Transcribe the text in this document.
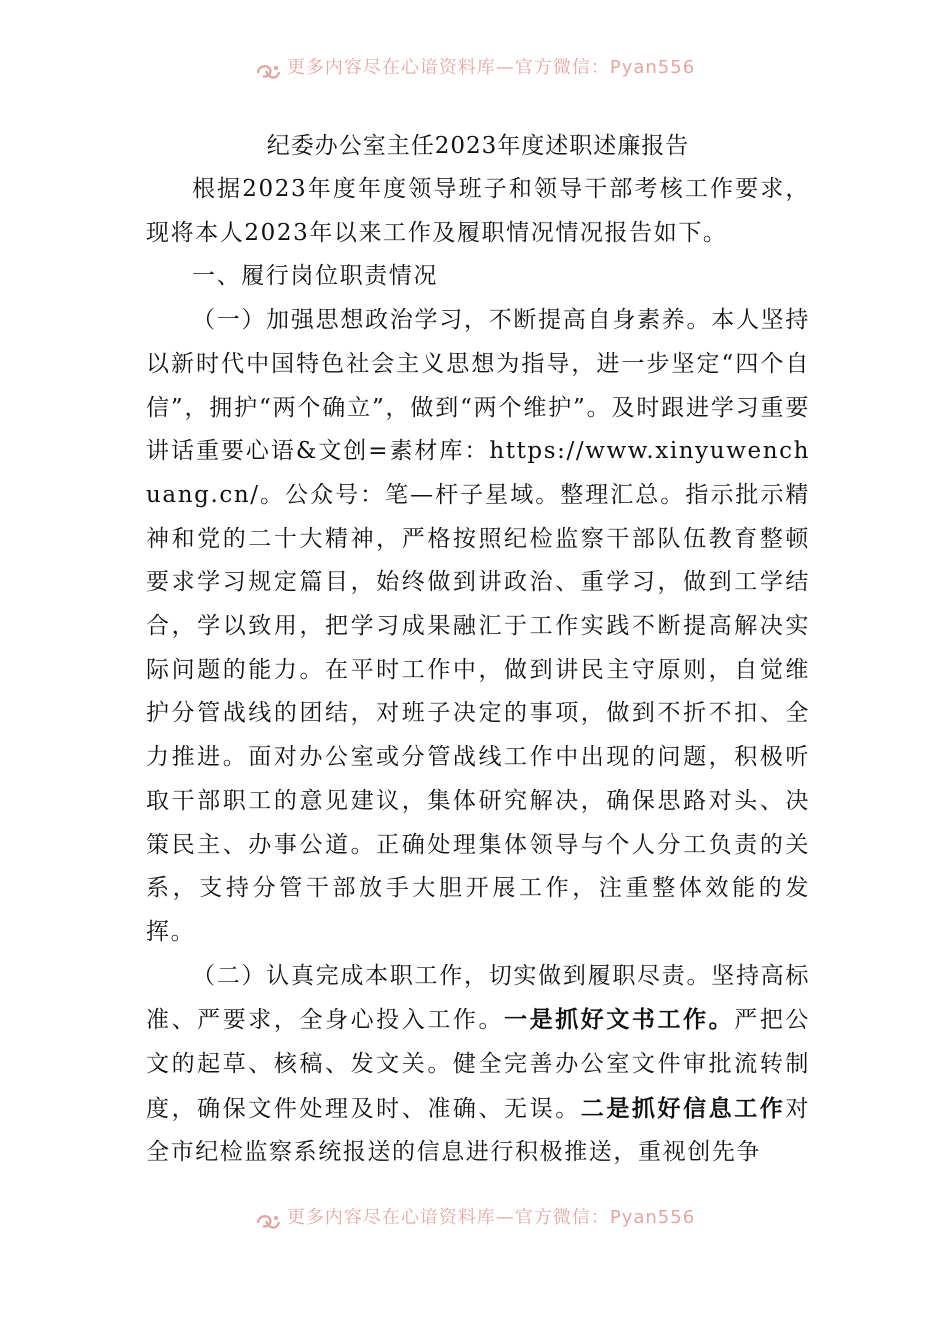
更多内容尽在心谙资料库—官方微信：Pyan556
纪委办公室主任2023年度述职述廉报告

根据2023年度年度领导班子和领导干部考核工作要求，现将本人2023年以来工作及履职情况情况报告如下。

一、履行岗位职责情况

（一）加强思想政治学习，不断提高自身素养。本人坚持以新时代中国特色社会主义思想为指导，进一步坚定“四个自信”，拥护“两个确立”，做到“两个维护”。及时跟进学习重要讲话重要心语&文创=素材库：https://www.xinyuwenchuang.cn/。公众号：笔—杆子星域。整理汇总。指示批示精神和党的二十大精神，严格按照纪检监察干部队伍教育整顿要求学习规定篇目，始终做到讲政治、重学习，做到工学结合，学以致用，把学习成果融汇于工作实践不断提高解决实际问题的能力。在平时工作中，做到讲民主守原则，自觉维护分管战线的团结，对班子决定的事项，做到不折不扣、全力推进。面对办公室或分管战线工作中出现的问题，积极听取干部职工的意见建议，集体研究解决，确保思路对头、决策民主、办事公道。正确处理集体领导与个人分工负责的关系，支持分管干部放手大胆开展工作，注重整体效能的发挥。

（二）认真完成本职工作，切实做到履职尽责。坚持高标准、严要求，全身心投入工作。一是抓好文书工作。严把公文的起草、核稿、发文关。健全完善办公室文件审批流转制度，确保文件处理及时、准确、无误。二是抓好信息工作对全市纪检监察系统报送的信息进行积极推送，重视创先争

更多内容尽在心谙资料库—官方微信：Pyan556
